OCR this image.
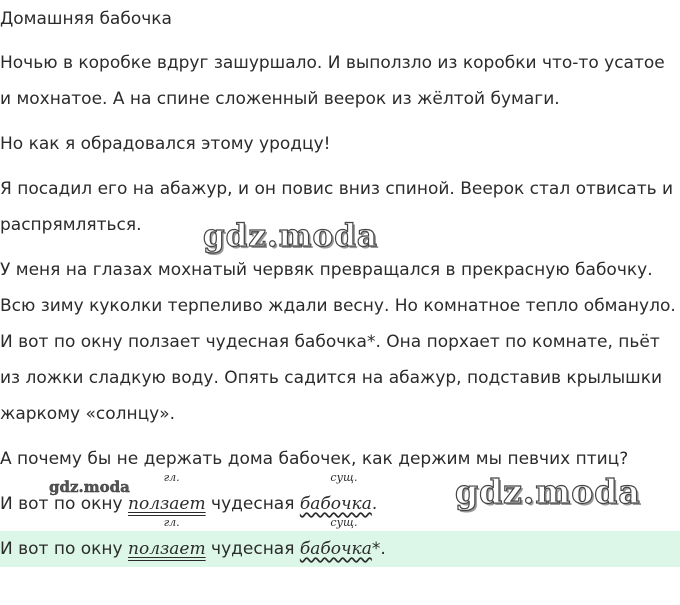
Домашняя бабочка

Ночью в коробке вдруг зашуршало. И выползло из коробки что-то усатое и мохнатое. А на спине сложенный веерок из жёлтой бумаги.

Но как я обрадовался этому уродцу!

Я посадил его на абажур, и он повис вниз спиной. Веерок стал отвисать и распрямляться.

У меня на глазах мохнатый червяк превращался в прекрасную бабочку. Всю зиму куколки терпеливо ждали весну. Но комнатное тепло обмануло. И вот по окну ползает чудесная бабочка*. Она порхает по комнате, пьёт из ложки сладкую воду. Опять садится на абажур, подставив крылышки жаркому «солнцу».

А почему бы не держать дома бабочек, как держим мы певчих птиц?

И вот по окну
гл.
ползает чудесная
сущ.
бабочка.

И вот по окну
гл.
ползает чудесная
сущ.
бабочка*.

gdz.moda
gdz.moda
gdz.moda
